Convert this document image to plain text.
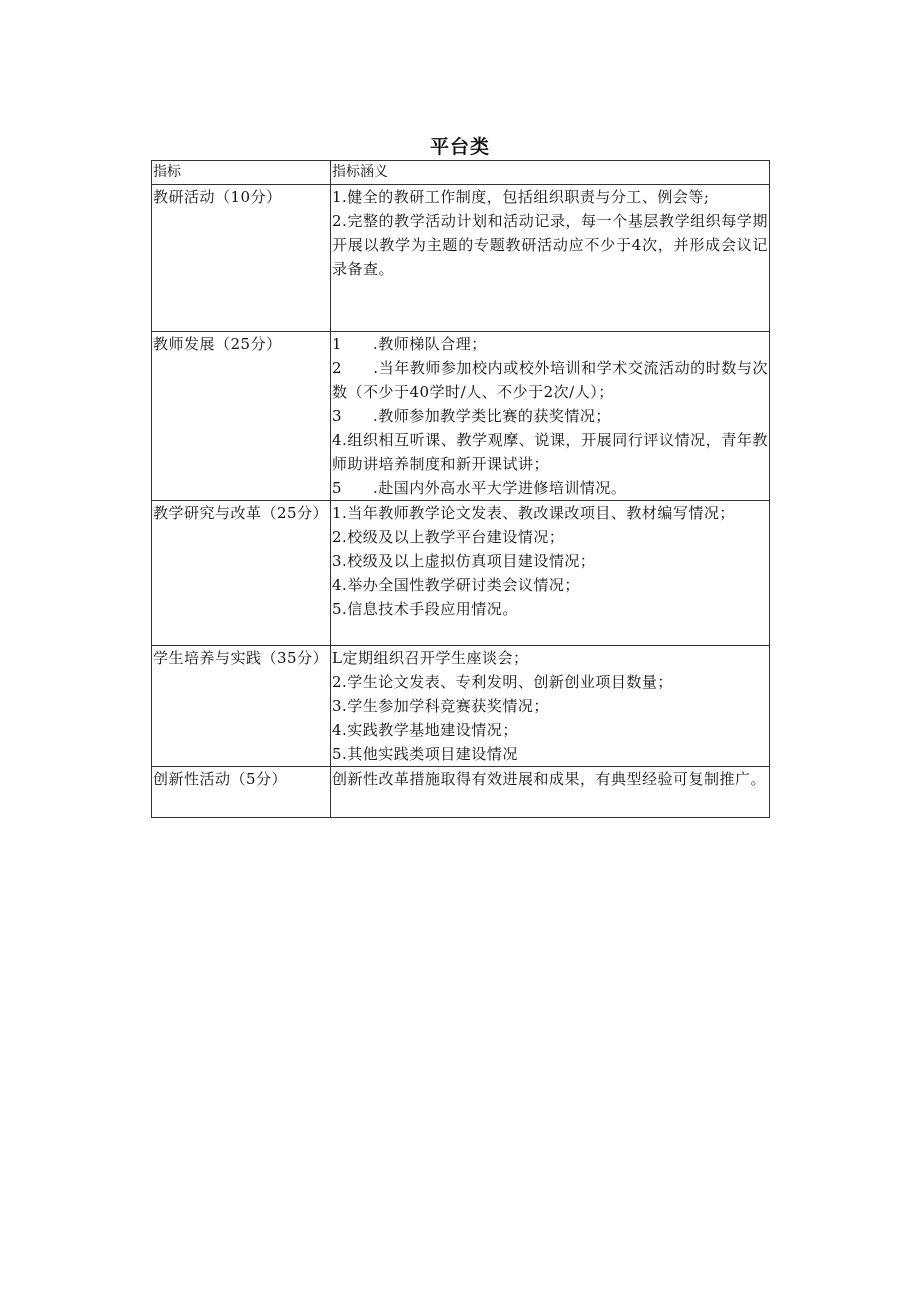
平台类
指标	指标涵义

教研活动（10分）	1.健全的教研工作制度，包括组织职责与分工、例会等;
2.完整的教学活动计划和活动记录，每一个基层教学组织每学期开展以教学为主题的专题教研活动应不少于4次，并形成会议记录备查。

教师发展（25分）	1　　.教师梯队合理；
2　　.当年教师参加校内或校外培训和学术交流活动的时数与次数（不少于40学时/人、不少于2次/人）；
3　　.教师参加教学类比赛的获奖情况；
4.组织相互听课、教学观摩、说课，开展同行评议情况，青年教师助讲培养制度和新开课试讲；
5　　.赴国内外高水平大学进修培训情况。

教学研究与改革（25分）	1.当年教师教学论文发表、教改课改项目、教材编写情况；
2.校级及以上教学平台建设情况；
3.校级及以上虚拟仿真项目建设情况；
4.举办全国性教学研讨类会议情况；
5.信息技术手段应用情况。

学生培养与实践（35分）	L定期组织召开学生座谈会；
2.学生论文发表、专利发明、创新创业项目数量；
3.学生参加学科竞赛获奖情况；
4.实践教学基地建设情况；
5.其他实践类项目建设情况

创新性活动（5分）	创新性改革措施取得有效进展和成果，有典型经验可复制推广。
